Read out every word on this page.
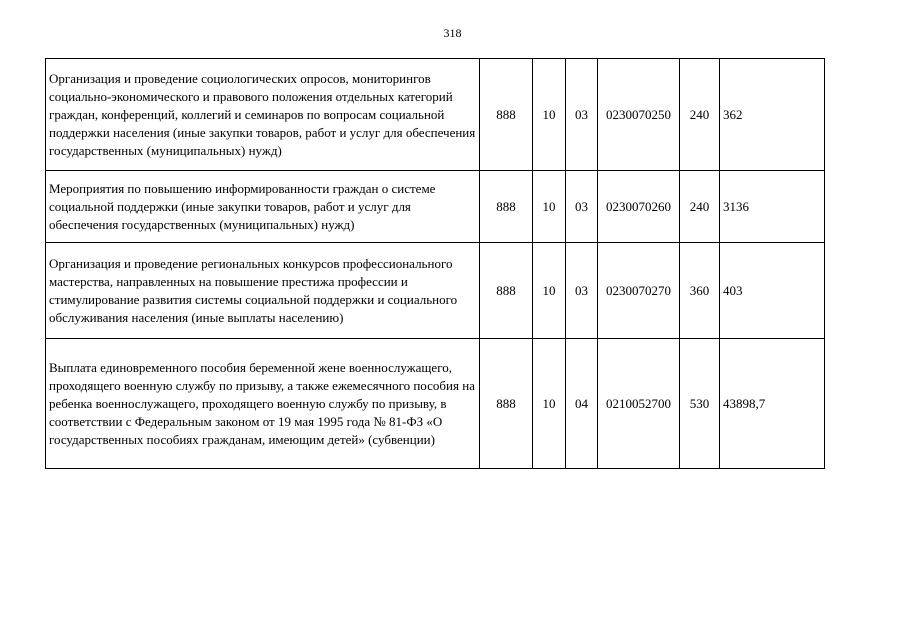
318
Организация и проведение социологических опросов, мониторингов социально-экономического и правового положения отдельных категорий граждан, конференций, коллегий и семинаров по вопросам социальной поддержки населения (иные закупки товаров, работ и услуг для обеспечения государственных (муниципальных) нужд)	888	10	03	0230070250	240	362
Мероприятия по повышению информированности граждан о системе социальной поддержки (иные закупки товаров, работ и услуг для обеспечения государственных (муниципальных) нужд)	888	10	03	0230070260	240	3136
Организация и проведение региональных конкурсов профессионального мастерства, направленных на повышение престижа профессии и стимулирование развития системы социальной поддержки и социального обслуживания населения (иные выплаты населению)	888	10	03	0230070270	360	403
Выплата единовременного пособия беременной жене военнослужащего, проходящего военную службу по призыву, а также ежемесячного пособия на ребенка военнослужащего, проходящего военную службу по призыву, в соответствии с Федеральным законом от 19 мая 1995 года № 81-ФЗ «О государственных пособиях гражданам, имеющим детей» (субвенции)	888	10	04	0210052700	530	43898,7
